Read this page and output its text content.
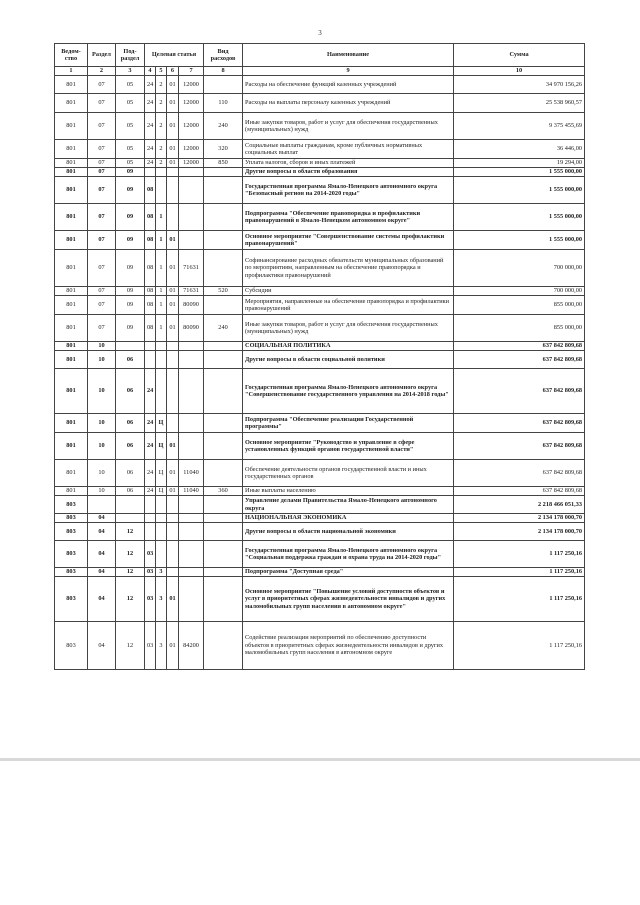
3
Ведом-ство	Раздел	Под-раздел	Целевая статья				Вид расходов	Наименование	Сумма
1	2	3	4	5	6	7	8	9	10
801	07	05	24	2	01	12000		Расходы на обеспечение функций казенных учреждений	34 970 156,26
801	07	05	24	2	01	12000	110	Расходы на выплаты персоналу казенных учреждений	25 538 960,57
801	07	05	24	2	01	12000	240	Иные закупки товаров, работ и услуг для обеспечения государственных (муниципальных) нужд	9 375 455,69
801	07	05	24	2	01	12000	320	Социальные выплаты гражданам, кроме публичных нормативных социальных выплат	36 446,00
801	07	05	24	2	01	12000	850	Уплата налогов, сборов и иных платежей	19 294,00
801	07	09						Другие вопросы в области образования	1 555 000,00
801	07	09	08					Государственная программа Ямало-Ненецкого автономного округа "Безопасный регион на 2014-2020 годы"	1 555 000,00
801	07	09	08	1				Подпрограмма "Обеспечение правопорядка и профилактики правонарушений в Ямало-Ненецком автономном округе"	1 555 000,00
801	07	09	08	1	01			Основное мероприятие "Совершенствование системы профилактики правонарушений"	1 555 000,00
801	07	09	08	1	01	71631		Софинансирование расходных обязательств муниципальных образований по мероприятиям, направленным на обеспечение правопорядка и профилактики правонарушений	700 000,00
801	07	09	08	1	01	71631	520	Субсидии	700 000,00
801	07	09	08	1	01	80090		Мероприятия, направленные на обеспечение правопорядка и профилактики правонарушений	855 000,00
801	07	09	08	1	01	80090	240	Иные закупки товаров, работ и услуг для обеспечения государственных (муниципальных) нужд	855 000,00
801	10							СОЦИАЛЬНАЯ ПОЛИТИКА	637 842 809,68
801	10	06						Другие вопросы в области социальной политики	637 842 809,68
801	10	06	24					Государственная программа Ямало-Ненецкого автономного округа "Совершенствование государственного управления на 2014-2018 годы"	637 842 809,68
801	10	06	24	Ц				Подпрограмма "Обеспечение реализации Государственной программы"	637 842 809,68
801	10	06	24	Ц	01			Основное мероприятие "Руководство и управление в сфере установленных функций органов государственной власти"	637 842 809,68
801	10	06	24	Ц	01	11040		Обеспечение деятельности органов государственной власти и иных государственных органов	637 842 809,68
801	10	06	24	Ц	01	11040	360	Иные выплаты населению	637 842 809,68
803								Управление делами Правительства Ямало-Ненецкого автономного округа	2 218 466 051,33
803	04							НАЦИОНАЛЬНАЯ ЭКОНОМИКА	2 134 178 000,70
803	04	12						Другие вопросы в области национальной экономики	2 134 178 000,70
803	04	12	03					Государственная программа Ямало-Ненецкого автономного округа "Социальная поддержка граждан и охрана труда на 2014-2020 годы"	1 117 250,16
803	04	12	03	3				Подпрограмма "Доступная среда"	1 117 250,16
803	04	12	03	3	01			Основное мероприятие "Повышение условий доступности объектов и услуг в приоритетных сферах жизнедеятельности инвалидов и других маломобильных групп населения в автономном округе"	1 117 250,16
803	04	12	03	3	01	84200		Содействие реализации мероприятий по обеспечению доступности объектов в приоритетных сферах жизнедеятельности инвалидов и других маломобильных групп населения в автономном округе	1 117 250,16
